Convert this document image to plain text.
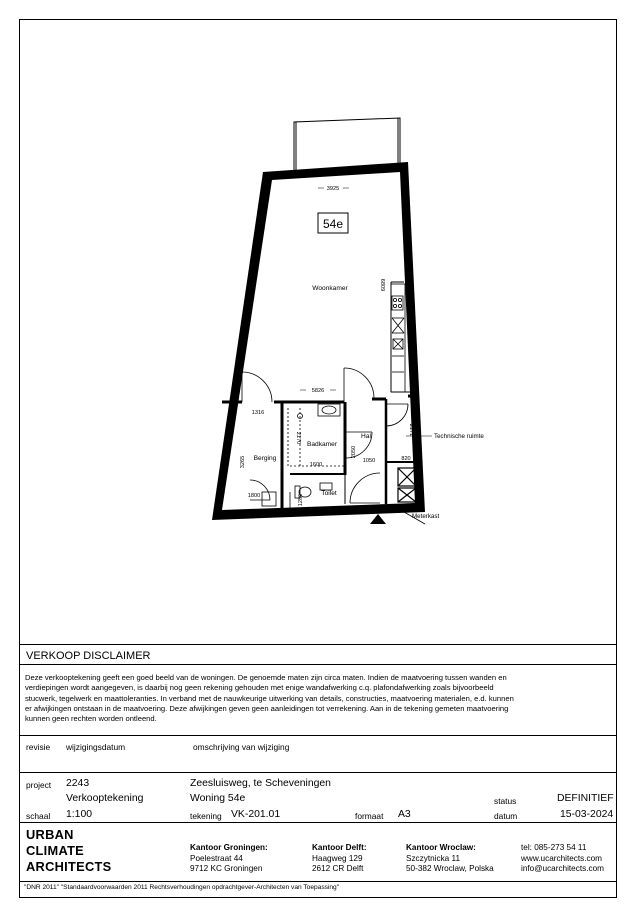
54e
Woonkamer
Berging
Badkamer
Toilet
Hal	Technische ruimte
Meterkast
3925
6809
5826
1316
3265
2170
1600
2050
1050
2171
820
1280
1800
VERKOOP DISCLAIMER
Deze verkooptekening geeft een goed beeld van de woningen. De genoemde maten zijn circa maten. Indien de maatvoering tussen wanden en
verdiepingen wordt aangegeven, is daarbij nog geen rekening gehouden met enige wandafwerking c.q. plafondafwerking zoals bijvoorbeeld
stucwerk, tegelwerk en maattoleranties. In verband met de nauwkeurige uitwerking van details, constructies, maatvoering materialen, e.d. kunnen
er afwijkingen ontstaan in de maatvoering. Deze afwijkingen geven geen aanleidingen tot verrekening. Aan in de tekening gemeten maatvoering
kunnen geen rechten worden ontleend.
revisie wijzigingsdatum	omschrijving van wijziging
project 2243	Zeesluisweg, te Scheveningen
Verkooptekening	Woning 54e	status	DEFINITIEF
schaal 1:100	tekening VK-201.01	formaat A3	datum	15-03-2024
URBAN
CLIMATE
ARCHITECTS
Kantoor Groningen:
Poelestraat 44
9712 KC Groningen
Kantoor Delft:
Haagweg 129
2612 CR Delft
Kantoor Wroclaw:
Szczytnicka 11
50-382 Wroclaw, Polska
tel: 085-273 54 11
www.ucarchitects.com
info@ucarchitects.com
"DNR 2011" "Standaardvoorwaarden 2011 Rechtsverhoudingen opdrachtgever-Architecten van Toepassing"
